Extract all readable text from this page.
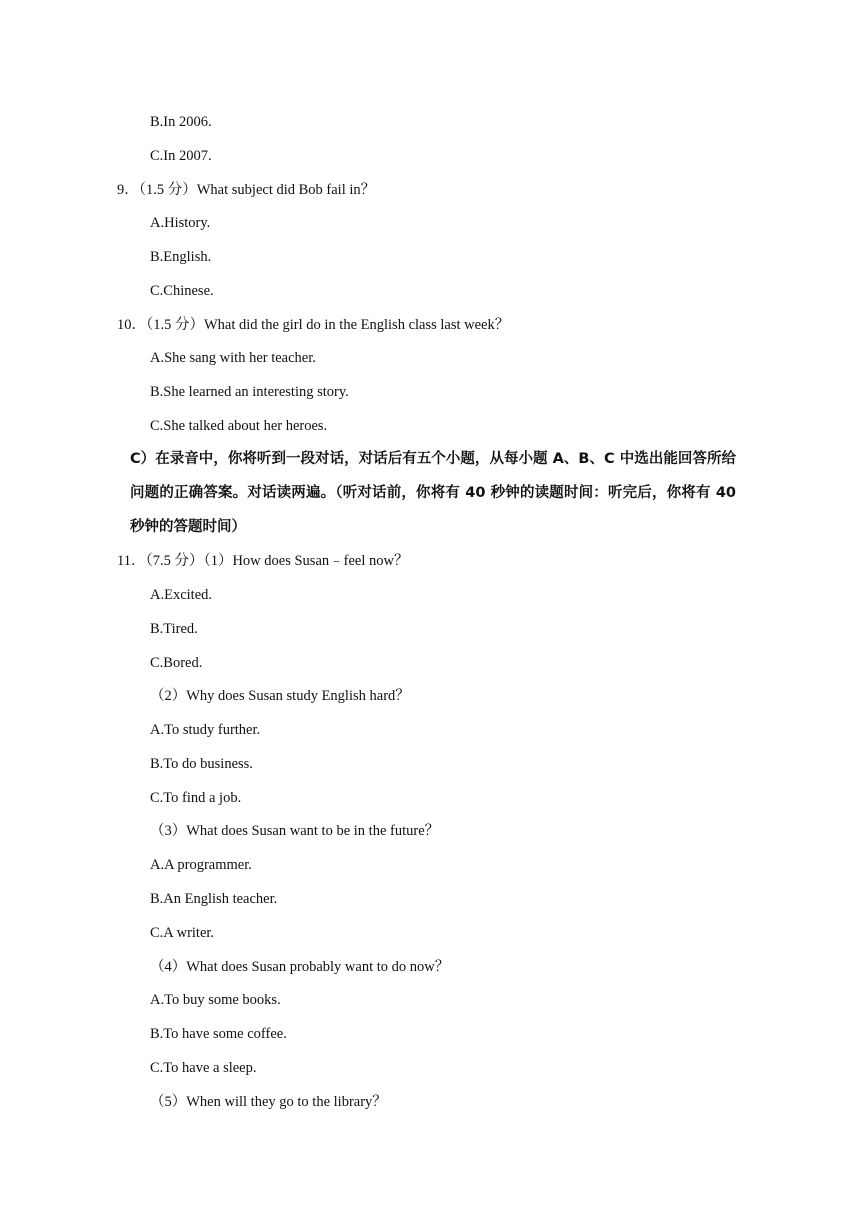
B.In 2006.
C.In 2007.
9．（1.5 分）What subject did Bob fail in？
A.History.
B.English.
C.Chinese.
10．（1.5 分）What did the girl do in the English class last week？
A.She sang with her teacher.
B.She learned an interesting story.
C.She talked about her heroes.
C）在录音中，你将听到一段对话，对话后有五个小题，从每小题 A、B、C 中选出能回答所给问题的正确答案。对话读两遍。（听对话前，你将有 40 秒钟的读题时间：听完后，你将有 40 秒钟的答题时间）
11．（7.5 分）（1）How does Susan﹣feel now？
A.Excited.
B.Tired.
C.Bored.
（2）Why does Susan study English hard？
A.To study further.
B.To do business.
C.To find a job.
（3）What does Susan want to be in the future？
A.A programmer.
B.An English teacher.
C.A writer.
（4）What does Susan probably want to do now？
A.To buy some books.
B.To have some coffee.
C.To have a sleep.
（5）When will they go to the library？
